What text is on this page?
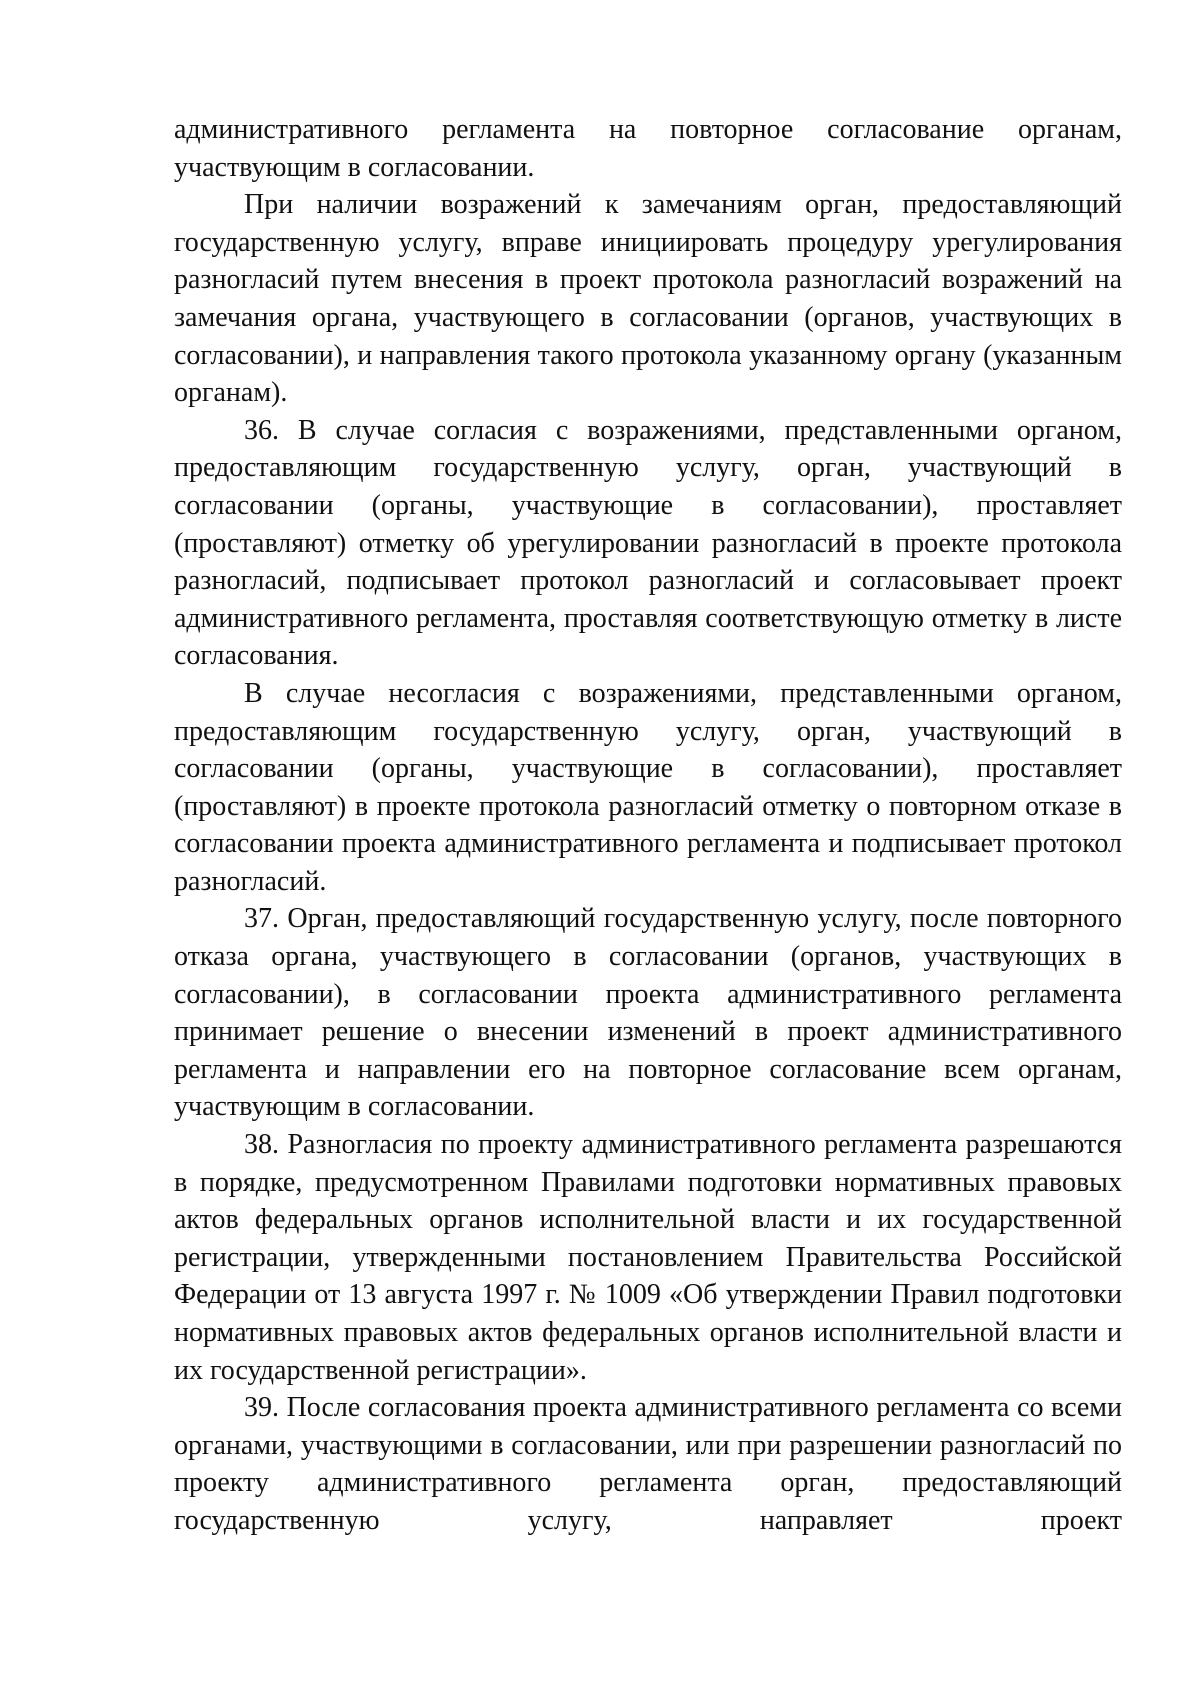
административного регламента на повторное согласование органам, участвующим в согласовании.

При наличии возражений к замечаниям орган, предоставляющий государственную услугу, вправе инициировать процедуру урегулирования разногласий путем внесения в проект протокола разногласий возражений на замечания органа, участвующего в согласовании (органов, участвующих в согласовании), и направления такого протокола указанному органу (указанным органам).

36. В случае согласия с возражениями, представленными органом, предоставляющим государственную услугу, орган, участвующий в согласовании (органы, участвующие в согласовании), проставляет (проставляют) отметку об урегулировании разногласий в проекте протокола разногласий, подписывает протокол разногласий и согласовывает проект административного регламента, проставляя соответствующую отметку в листе согласования.

В случае несогласия с возражениями, представленными органом, предоставляющим государственную услугу, орган, участвующий в согласовании (органы, участвующие в согласовании), проставляет (проставляют) в проекте протокола разногласий отметку о повторном отказе в согласовании проекта административного регламента и подписывает протокол разногласий.

37. Орган, предоставляющий государственную услугу, после повторного отказа органа, участвующего в согласовании (органов, участвующих в согласовании), в согласовании проекта административного регламента принимает решение о внесении изменений в проект административного регламента и направлении его на повторное согласование всем органам, участвующим в согласовании.

38. Разногласия по проекту административного регламента разрешаются в порядке, предусмотренном Правилами подготовки нормативных правовых актов федеральных органов исполнительной власти и их государственной регистрации, утвержденными постановлением Правительства Российской Федерации от 13 августа 1997 г. № 1009 «Об утверждении Правил подготовки нормативных правовых актов федеральных органов исполнительной власти и их государственной регистрации».

39. После согласования проекта административного регламента со всеми органами, участвующими в согласовании, или при разрешении разногласий по проекту административного регламента орган, предоставляющий государственную услугу, направляет проект
